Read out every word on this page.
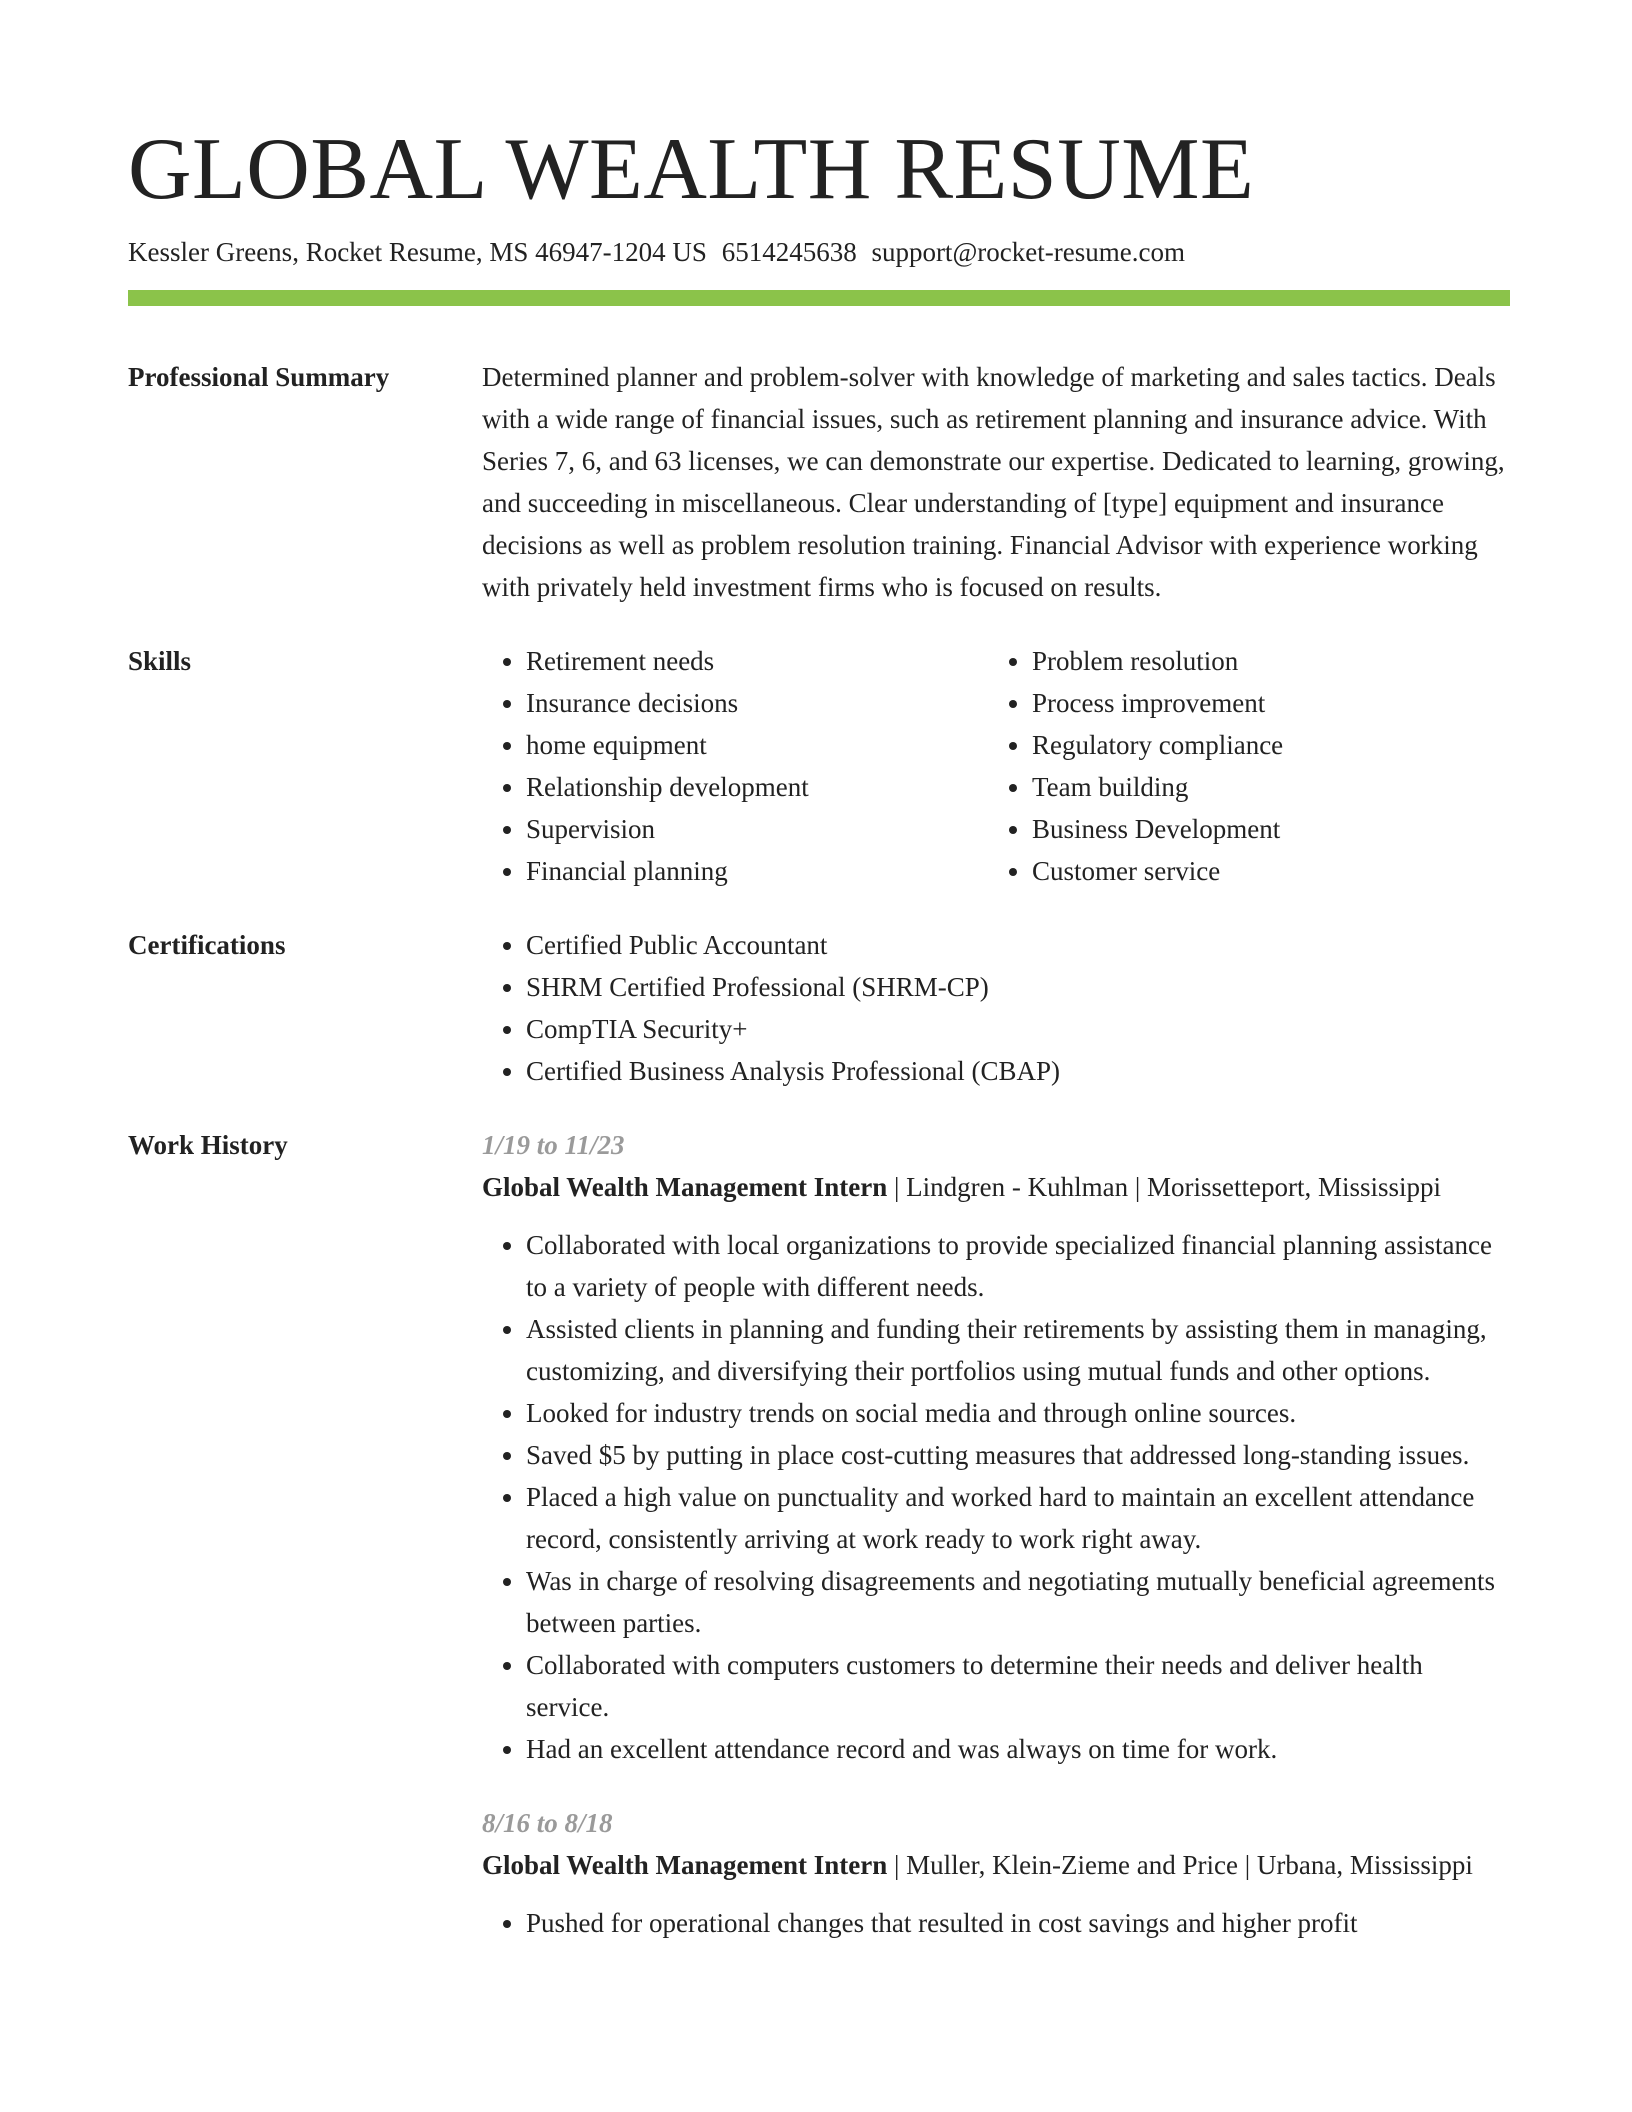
GLOBAL WEALTH RESUME
Kessler Greens, Rocket Resume, MS 46947-1204 US 6514245638 support@rocket-resume.com
Professional Summary	Determined planner and problem-solver with knowledge of marketing and sales tactics. Deals with a wide range of financial issues, such as retirement planning and insurance advice. With Series 7, 6, and 63 licenses, we can demonstrate our expertise. Dedicated to learning, growing, and succeeding in miscellaneous. Clear understanding of [type] equipment and insurance decisions as well as problem resolution training. Financial Advisor with experience working with privately held investment firms who is focused on results.

Skills	• Retirement needs
• Insurance decisions
• home equipment
• Relationship development
• Supervision
• Financial planning
• Problem resolution
• Process improvement
• Regulatory compliance
• Team building
• Business Development
• Customer service
Certifications	• Certified Public Accountant
• SHRM Certified Professional (SHRM-CP)
• CompTIA Security+
• Certified Business Analysis Professional (CBAP)
Work History	1/19 to 11/23

Global Wealth Management Intern | Lindgren - Kuhlman | Morissetteport, Mississippi

• Collaborated with local organizations to provide specialized financial planning assistance to a variety of people with different needs.
• Assisted clients in planning and funding their retirements by assisting them in managing, customizing, and diversifying their portfolios using mutual funds and other options.
• Looked for industry trends on social media and through online sources.
• Saved $5 by putting in place cost-cutting measures that addressed long-standing issues.
• Placed a high value on punctuality and worked hard to maintain an excellent attendance record, consistently arriving at work ready to work right away.
• Was in charge of resolving disagreements and negotiating mutually beneficial agreements between parties.
• Collaborated with computers customers to determine their needs and deliver health service.
• Had an excellent attendance record and was always on time for work.
8/16 to 8/18

Global Wealth Management Intern | Muller, Klein-Zieme and Price | Urbana, Mississippi

• Pushed for operational changes that resulted in cost savings and higher profit
